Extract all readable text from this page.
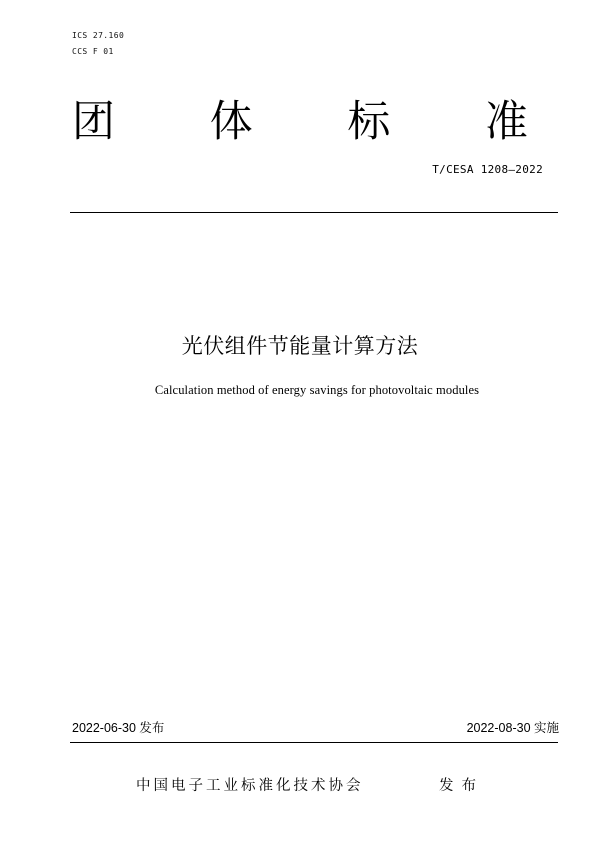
ICS 27.160
CCS F 01
团 体 标 准
T/CESA 1208—2022
光伏组件节能量计算方法
Calculation method of energy savings for photovoltaic modules
2022-06-30 发布	2022-08-30 实施
中国电子工业标准化技术协会	发布
